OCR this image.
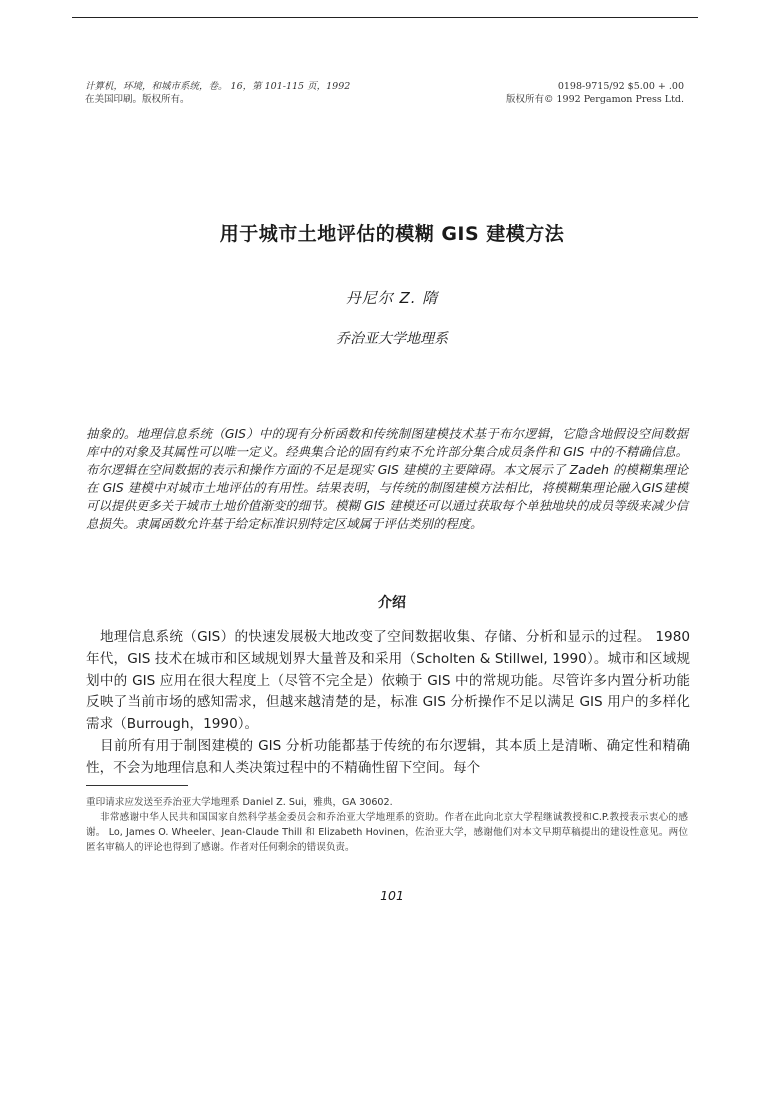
计算机，环境，和城市系统，卷。 16，第 101-115 页，1992
在美国印刷。版权所有。
0198-9715/92 $5.00 + .00
版权所有© 1992 Pergamon Press Ltd.
用于城市土地评估的模糊 GIS 建模方法
丹尼尔 Z. 隋
乔治亚大学地理系

抽象的。地理信息系统（GIS）中的现有分析函数和传统制图建模技术基于布尔逻辑，它隐含地假设空间数据库中的对象及其属性可以唯一定义。经典集合论的固有约束不允许部分集合成员条件和 GIS 中的不精确信息。布尔逻辑在空间数据的表示和操作方面的不足是现实 GIS 建模的主要障碍。本文展示了 Zadeh 的模糊集理论在 GIS 建模中对城市土地评估的有用性。结果表明，与传统的制图建模方法相比，将模糊集理论融入GIS建模可以提供更多关于城市土地价值渐变的细节。模糊 GIS 建模还可以通过获取每个单独地块的成员等级来减少信息损失。隶属函数允许基于给定标准识别特定区域属于评估类别的程度。

介绍

地理信息系统（GIS）的快速发展极大地改变了空间数据收集、存储、分析和显示的过程。 1980 年代，GIS 技术在城市和区域规划界大量普及和采用（Scholten & Stillwel, 1990）。城市和区域规划中的 GIS 应用在很大程度上（尽管不完全是）依赖于 GIS 中的常规功能。尽管许多内置分析功能反映了当前市场的感知需求，但越来越清楚的是，标准 GIS 分析操作不足以满足 GIS 用户的多样化需求（Burrough，1990）。

目前所有用于制图建模的 GIS 分析功能都基于传统的布尔逻辑，其本质上是清晰、确定性和精确性，不会为地理信息和人类决策过程中的不精确性留下空间。每个

重印请求应发送至乔治亚大学地理系 Daniel Z. Sui，雅典，GA 30602.

非常感谢中华人民共和国国家自然科学基金委员会和乔治亚大学地理系的资助。作者在此向北京大学程继诚教授和C.P.教授表示衷心的感谢。 Lo, James O. Wheeler、Jean-Claude Thill 和 Elizabeth Hovinen，佐治亚大学，感谢他们对本文早期草稿提出的建设性意见。两位匿名审稿人的评论也得到了感谢。作者对任何剩余的错误负责。

101
